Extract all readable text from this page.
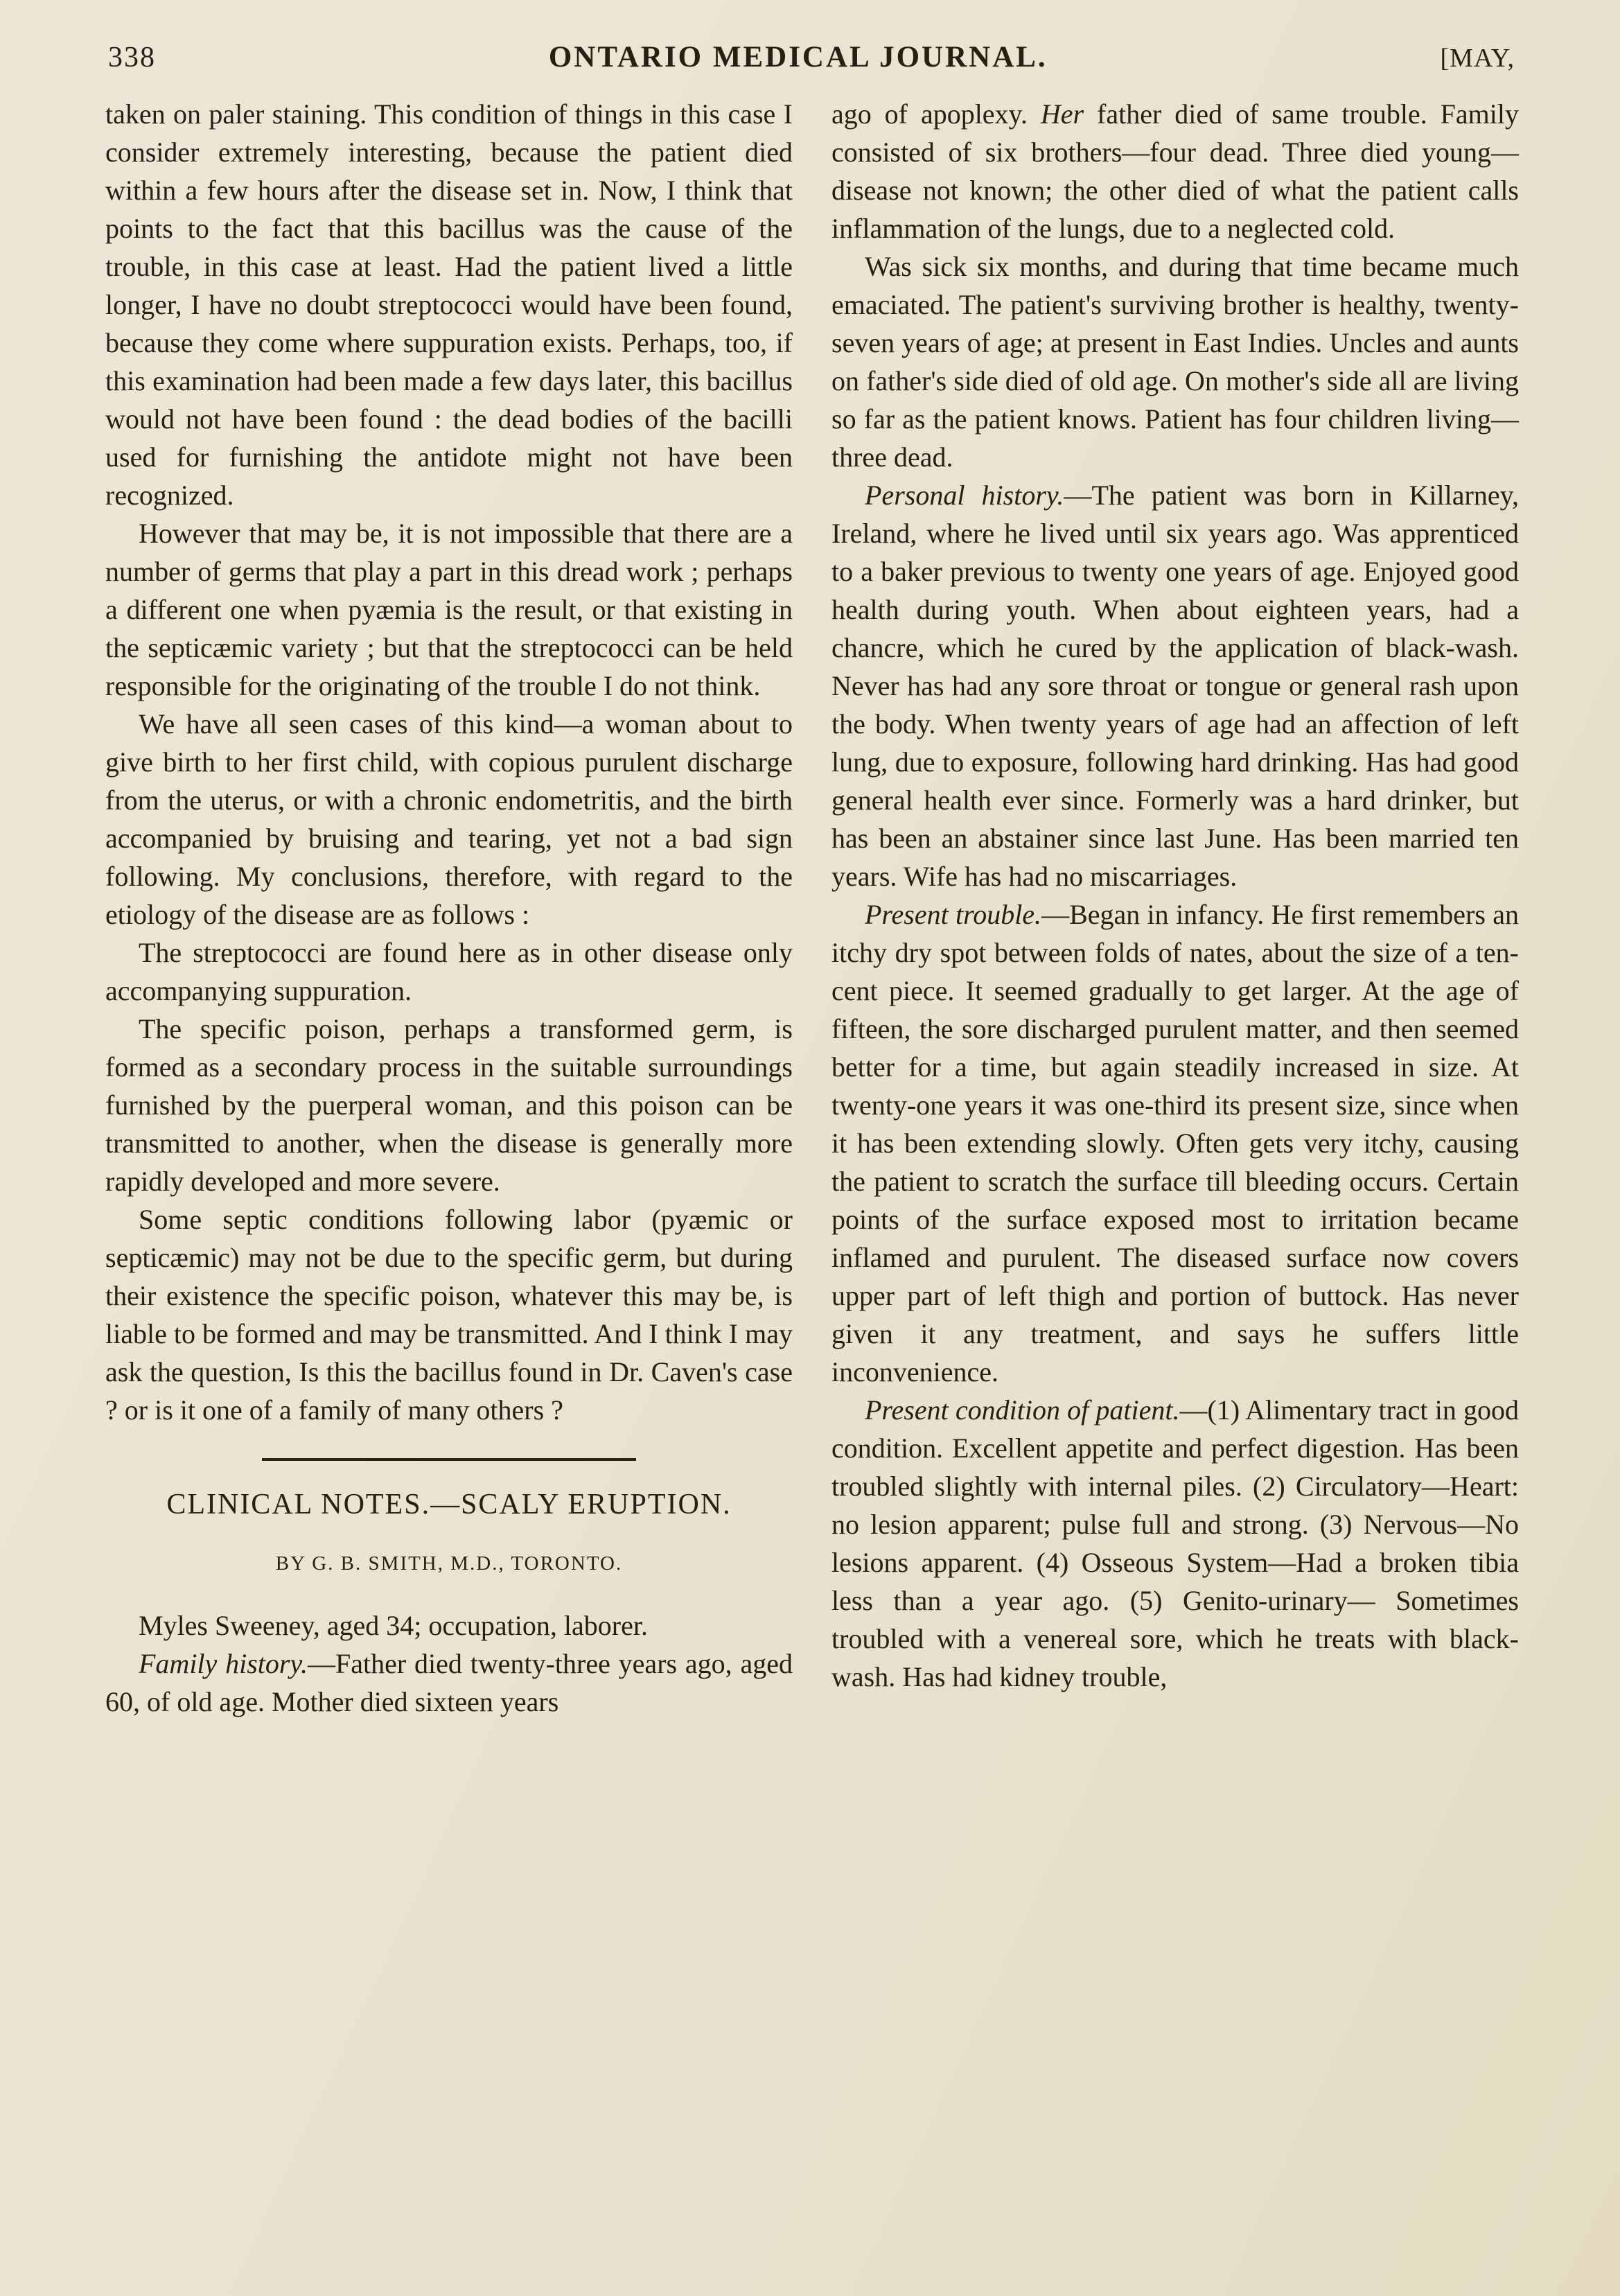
338	ONTARIO MEDICAL JOURNAL.	[MAY,

taken on paler staining. This condition of things in this case I consider extremely interesting, because the patient died within a few hours after the disease set in. Now, I think that points to the fact that this bacillus was the cause of the trouble, in this case at least. Had the patient lived a little longer, I have no doubt streptococci would have been found, because they come where suppuration exists. Perhaps, too, if this examination had been made a few days later, this bacillus would not have been found : the dead bodies of the bacilli used for furnishing the antidote might not have been recognized.

However that may be, it is not impossible that there are a number of germs that play a part in this dread work ; perhaps a different one when pyæmia is the result, or that existing in the septicæmic variety ; but that the streptococci can be held responsible for the originating of the trouble I do not think.

We have all seen cases of this kind—a woman about to give birth to her first child, with copious purulent discharge from the uterus, or with a chronic endometritis, and the birth accompanied by bruising and tearing, yet not a bad sign following. My conclusions, therefore, with regard to the etiology of the disease are as follows :

The streptococci are found here as in other disease only accompanying suppuration.

The specific poison, perhaps a transformed germ, is formed as a secondary process in the suitable surroundings furnished by the puerperal woman, and this poison can be transmitted to another, when the disease is generally more rapidly developed and more severe.

Some septic conditions following labor (pyæmic or septicæmic) may not be due to the specific germ, but during their existence the specific poison, whatever this may be, is liable to be formed and may be transmitted. And I think I may ask the question, Is this the bacillus found in Dr. Caven's case ? or is it one of a family of many others ?

CLINICAL NOTES.—SCALY ERUPTION.
BY G. B. SMITH, M.D., TORONTO.

Myles Sweeney, aged 34; occupation, laborer.

Family history.—Father died twenty-three years ago, aged 60, of old age. Mother died sixteen years

ago of apoplexy. Her father died of same trouble. Family consisted of six brothers—four dead. Three died young—disease not known; the other died of what the patient calls inflammation of the lungs, due to a neglected cold.

Was sick six months, and during that time became much emaciated. The patient's surviving brother is healthy, twenty-seven years of age; at present in East Indies. Uncles and aunts on father's side died of old age. On mother's side all are living so far as the patient knows. Patient has four children living—three dead.

Personal history.—The patient was born in Killarney, Ireland, where he lived until six years ago. Was apprenticed to a baker previous to twenty one years of age. Enjoyed good health during youth. When about eighteen years, had a chancre, which he cured by the application of black-wash. Never has had any sore throat or tongue or general rash upon the body. When twenty years of age had an affection of left lung, due to exposure, following hard drinking. Has had good general health ever since. Formerly was a hard drinker, but has been an abstainer since last June. Has been married ten years. Wife has had no miscarriages.

Present trouble.—Began in infancy. He first remembers an itchy dry spot between folds of nates, about the size of a ten-cent piece. It seemed gradually to get larger. At the age of fifteen, the sore discharged purulent matter, and then seemed better for a time, but again steadily increased in size. At twenty-one years it was one-third its present size, since when it has been extending slowly. Often gets very itchy, causing the patient to scratch the surface till bleeding occurs. Certain points of the surface exposed most to irritation became inflamed and purulent. The diseased surface now covers upper part of left thigh and portion of buttock. Has never given it any treatment, and says he suffers little inconvenience.

Present condition of patient.—(1) Alimentary tract in good condition. Excellent appetite and perfect digestion. Has been troubled slightly with internal piles. (2) Circulatory—Heart: no lesion apparent; pulse full and strong. (3) Nervous—No lesions apparent. (4) Osseous System—Had a broken tibia less than a year ago. (5) Genito-urinary— Sometimes troubled with a venereal sore, which he treats with black-wash. Has had kidney trouble,
